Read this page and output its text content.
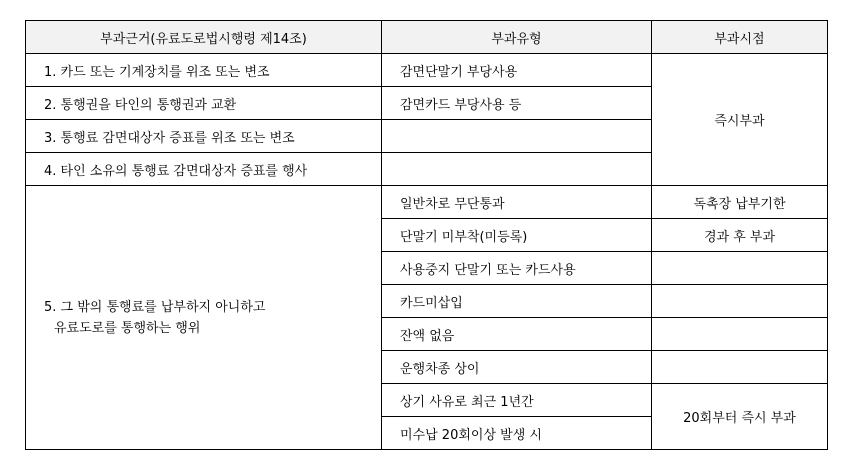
부과근거(유료도로법시행령 제14조)	부과유형	부과시점
1. 카드 또는 기계장치를 위조 또는 변조	감면단말기 부당사용	즉시부과
2. 통행권을 타인의 통행권과 교환	감면카드 부당사용 등	
3. 통행료 감면대상자 증표를 위조 또는 변조		
4. 타인 소유의 통행료 감면대상자 증표를 행사		

5. 그 밖의 통행료를 납부하지 아니하고
유료도로를 통행하는 행위	일반차로 무단통과	독촉장 납부기한
	단말기 미부착(미등록)	경과 후 부과
	사용중지 단말기 또는 카드사용	
	카드미삽입	
	잔액 없음	
	운행차종 상이	
	상기 사유로 최근 1년간	20회부터 즉시 부과
	미수납 20회이상 발생 시	
